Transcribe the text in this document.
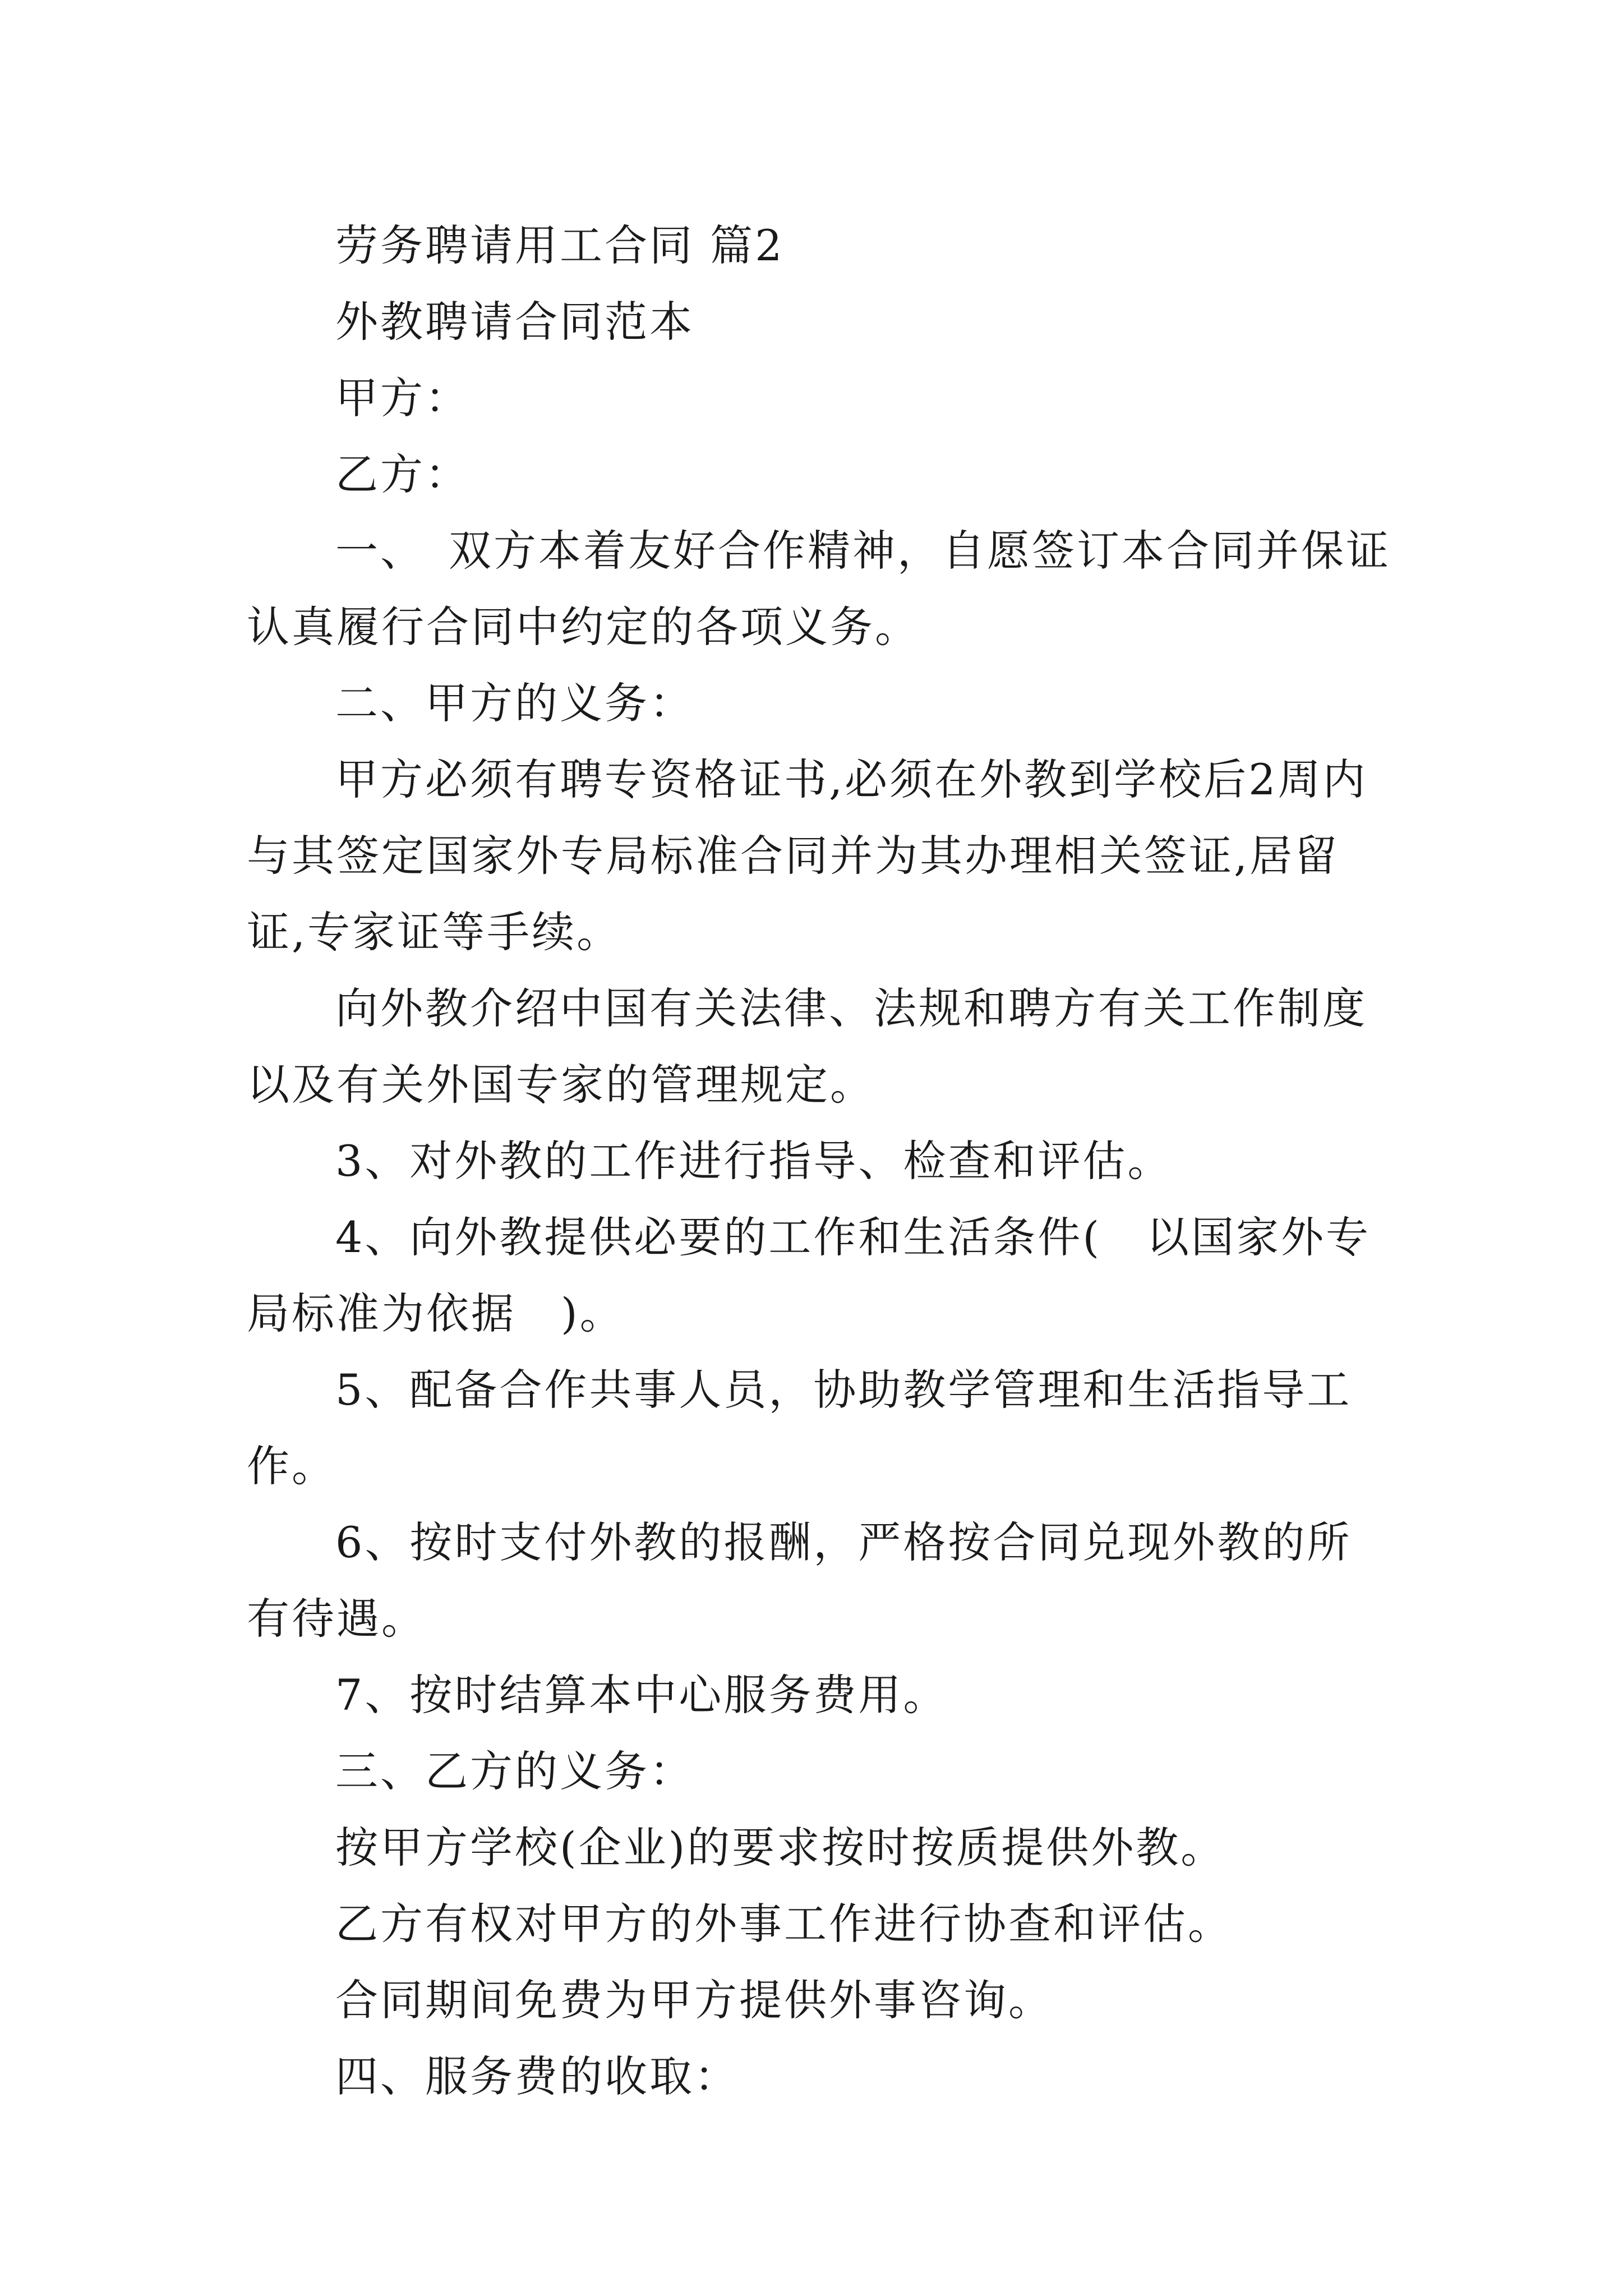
劳务聘请用工合同 篇2

外教聘请合同范本

甲方：

乙方：

一、　双方本着友好合作精神，自愿签订本合同并保证认真履行合同中约定的各项义务。

二、甲方的义务：

甲方必须有聘专资格证书,必须在外教到学校后2周内与其签定国家外专局标准合同并为其办理相关签证,居留证,专家证等手续。

向外教介绍中国有关法律、法规和聘方有关工作制度以及有关外国专家的管理规定。

3、对外教的工作进行指导、检查和评估。

4、向外教提供必要的工作和生活条件(　以国家外专局标准为依据　)。

5、配备合作共事人员，协助教学管理和生活指导工作。

6、按时支付外教的报酬，严格按合同兑现外教的所有待遇。

7、按时结算本中心服务费用。

三、乙方的义务：

按甲方学校(企业)的要求按时按质提供外教。

乙方有权对甲方的外事工作进行协查和评估。

合同期间免费为甲方提供外事咨询。

四、服务费的收取：
